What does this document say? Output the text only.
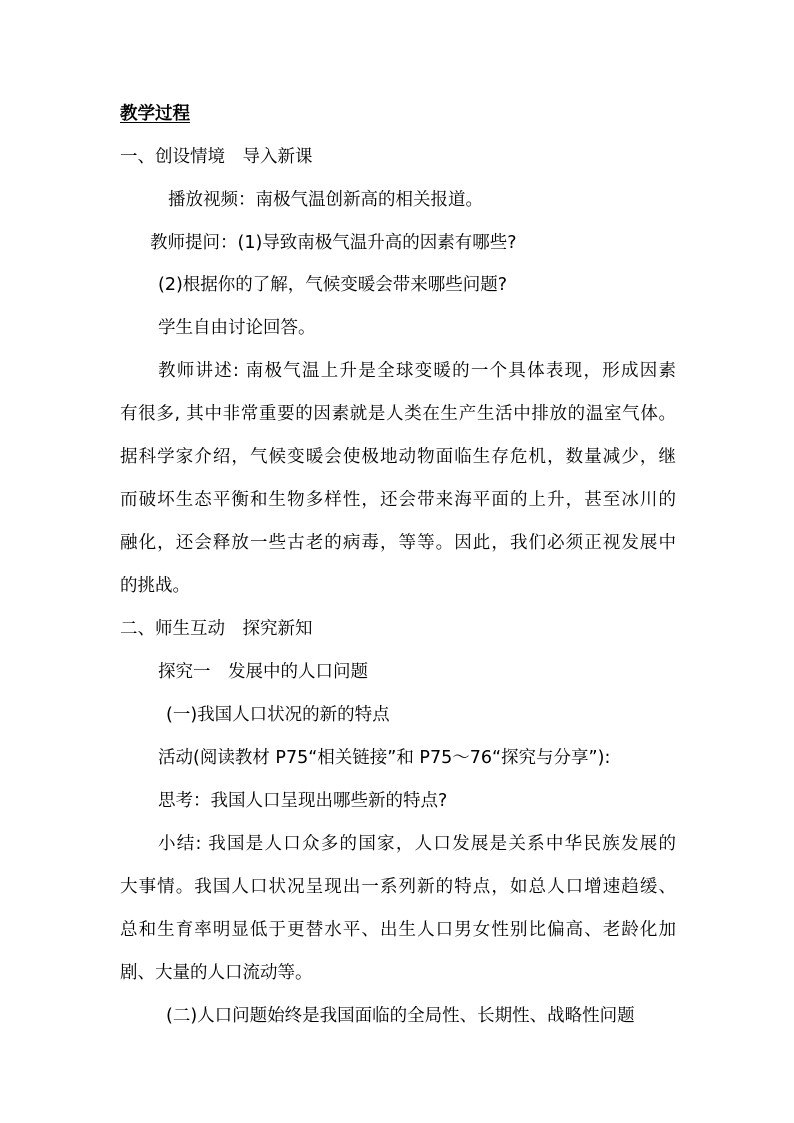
教学过程
一、创设情境　导入新课
播放视频：南极气温创新高的相关报道。
教师提问：(1)导致南极气温升高的因素有哪些?
(2)根据你的了解，气候变暖会带来哪些问题?
学生自由讨论回答。
教师讲述: 南极气温上升是全球变暖的一个具体表现，形成因素
有很多, 其中非常重要的因素就是人类在生产生活中排放的温室气体。
据科学家介绍，气候变暖会使极地动物面临生存危机，数量减少，继
而破坏生态平衡和生物多样性，还会带来海平面的上升，甚至冰川的
融化，还会释放一些古老的病毒，等等。因此，我们必须正视发展中
的挑战。
二、师生互动　探究新知
探究一　发展中的人口问题
(一)我国人口状况的新的特点
活动(阅读教材 P75“相关链接”和 P75～76“探究与分享”):
思考：我国人口呈现出哪些新的特点?
小结: 我国是人口众多的国家，人口发展是关系中华民族发展的
大事情。我国人口状况呈现出一系列新的特点，如总人口增速趋缓、
总和生育率明显低于更替水平、出生人口男女性别比偏高、老龄化加
剧、大量的人口流动等。
(二)人口问题始终是我国面临的全局性、长期性、战略性问题
